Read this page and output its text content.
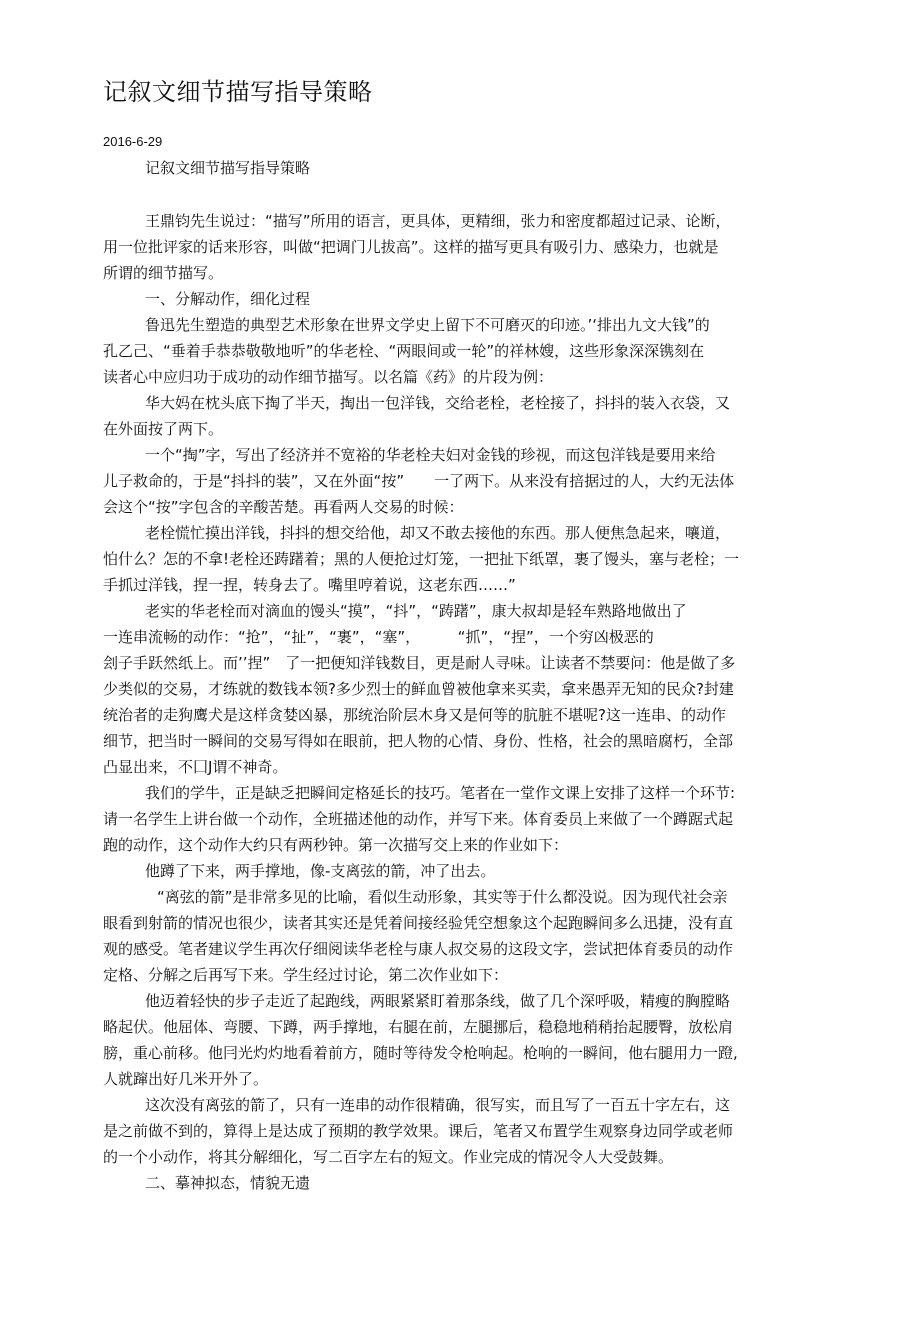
记叙文细节描写指导策略
2016-6-29
记叙文细节描写指导策略
王鼎钧先生说过：“描写”所用的语言，更具体，更精细，张力和密度都超过记录、论断，
用一位批评家的话来形容，叫做“把调门儿拔高”。这样的描写更具有吸引力、感染力，也就是
所谓的细节描写。
一、分解动作，细化过程
鲁迅先生塑造的典型艺术形象在世界文学史上留下不可磨灭的印迹。’‘排出九文大钱”的
孔乙己、“垂着手恭恭敬敬地听”的华老栓、“两眼间或一轮”的祥林嫂，这些形象深深镌刻在
读者心中应归功于成功的动作细节描写。以名篇《药》的片段为例：
华大妈在枕头底下掏了半天，掏出一包洋钱，交给老栓，老栓接了，抖抖的装入衣袋，又
在外面按了两下。
一个“掏”字，写出了经济并不宽裕的华老栓夫妇对金钱的珍视，而这包洋钱是要用来给
儿子救命的，于是“抖抖的装”，又在外面“按”　　一了两下。从来没有掊据过的人，大约无法体
会这个“按”字包含的辛酸苦楚。再看两人交易的时候：
老栓慌忙摸出洋钱，抖抖的想交给他，却又不敢去接他的东西。那人便焦急起来，嚷道，
怕什么？怎的不拿!老栓还踌躇着；黑的人便抢过灯笼，一把扯下纸罩，裹了馒头，塞与老栓；一
手抓过洋钱，捏一捏，转身去了。嘴里哼着说，这老东西……”
老实的华老栓而对滴血的馒头“摸”，“抖”，“踌躇”，康大叔却是轻车熟路地做出了
一连串流畅的动作：“抢”，“扯”，“裹”，“塞”，　　　“抓”，“捏”，一个穷凶极恶的
刽子手跃然纸上。而’’捏”　了一把便知洋钱数目，更是耐人寻味。让读者不禁要问：他是做了多
少类似的交易，才练就的数钱本领?多少烈士的鲜血曾被他拿来买卖，拿来愚弄无知的民众?封建
统治者的走狗鹰犬是这样贪婪凶暴，那统治阶层木身又是何等的肮脏不堪呢?这一连串、的动作
细节，把当时一瞬间的交易写得如在眼前，把人物的心情、身份、性格，社会的黑暗腐朽，全部
凸显出来，不囗J谓不神奇。
我们的学牛，正是缺乏把瞬间定格延长的技巧。笔者在一堂作文课上安排了这样一个环节:
请一名学生上讲台做一个动作，全班描述他的动作，并写下来。体育委员上来做了一个蹲踞式起
跑的动作，这个动作大约只有两秒钟。第一次描写交上来的作业如下：
他蹲了下来，两手撑地，像-支离弦的箭，冲了出去。
“离弦的箭”是非常多见的比喻，看似生动形象，其实等于什么都没说。因为现代社会亲
眼看到射箭的情况也很少，读者其实还是凭着间接经验凭空想象这个起跑瞬间多么迅捷，没有直
观的感受。笔者建议学生再次仔细阅读华老栓与康人叔交易的这段文字，尝试把体育委员的动作
定格、分解之后再写下来。学生经过讨论，第二次作业如下：
他迈着轻快的步子走近了起跑线，两眼紧紧盯着那条线，做了几个深呼吸，精瘦的胸膛略
略起伏。他屈体、弯腰、下蹲，两手撑地，右腿在前，左腿挪后，稳稳地稍稍抬起腰臀，放松肩
膀，重心前移。他冃光灼灼地看着前方，随时等待发令枪响起。枪响的一瞬间，他右腿用力一蹬,
人就蹿出好几米开外了。
这次没有离弦的箭了，只有一连串的动作很精确，很写实，而且写了一百五十字左右，这
是之前做不到的，算得上是达成了预期的教学效果。课后，笔者又布置学生观察身边同学或老师
的一个小动作，将其分解细化，写二百字左右的短文。作业完成的情况令人大受鼓舞。
二、摹神拟态，情貌无遗
